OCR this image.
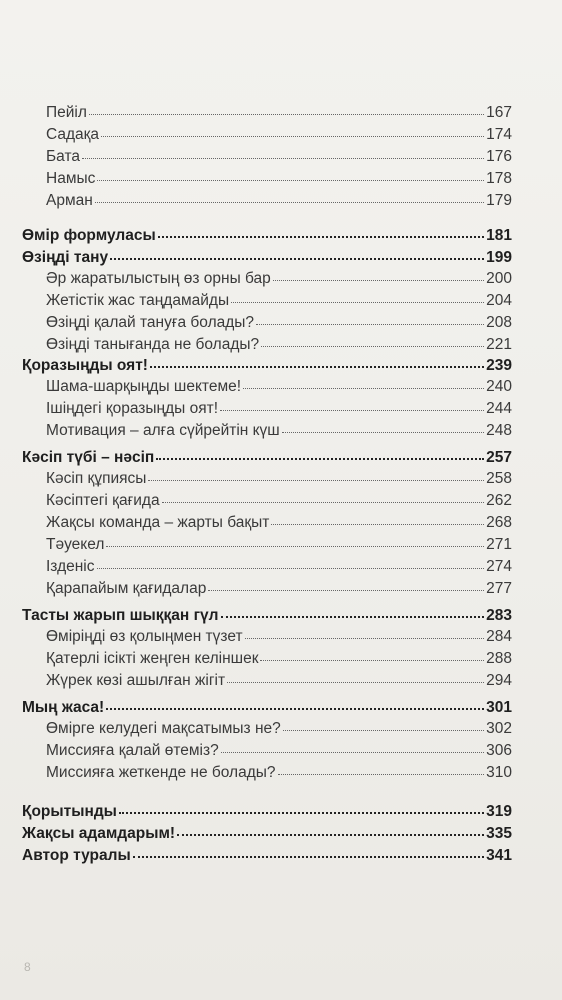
Пейіл	167
Садақа	174
Бата	176
Намыс	178
Арман	179
Өмір формуласы	181
Өзіңді тану	199
Әр жаратылыстың өз орны бар	200
Жетістік жас таңдамайды	204
Өзіңді қалай тануға болады?	208
Өзіңді танығанда не болады?	221
Қоразыңды оят!	239
Шама-шарқыңды шектеме!	240
Ішіңдегі қоразыңды оят!	244
Мотивация – алға сүйрейтін күш	248
Кәсіп түбі – нәсіп	257
Кәсіп құпиясы	258
Кәсіптегі қағида	262
Жақсы команда – жарты бақыт	268
Тәуекел	271
Ізденіс	274
Қарапайым қағидалар	277
Тасты жарып шыққан гүл	283
Өміріңді өз қолыңмен түзет	284
Қатерлі ісікті жеңген келіншек	288
Жүрек көзі ашылған жігіт	294
Мың жаса!	301
Өмірге келудегі мақсатымыз не?	302
Миссияға қалай өтеміз?	306
Миссияға жеткенде не болады?	310
Қорытынды	319
Жақсы адамдарым!	335
Автор туралы	341
8
